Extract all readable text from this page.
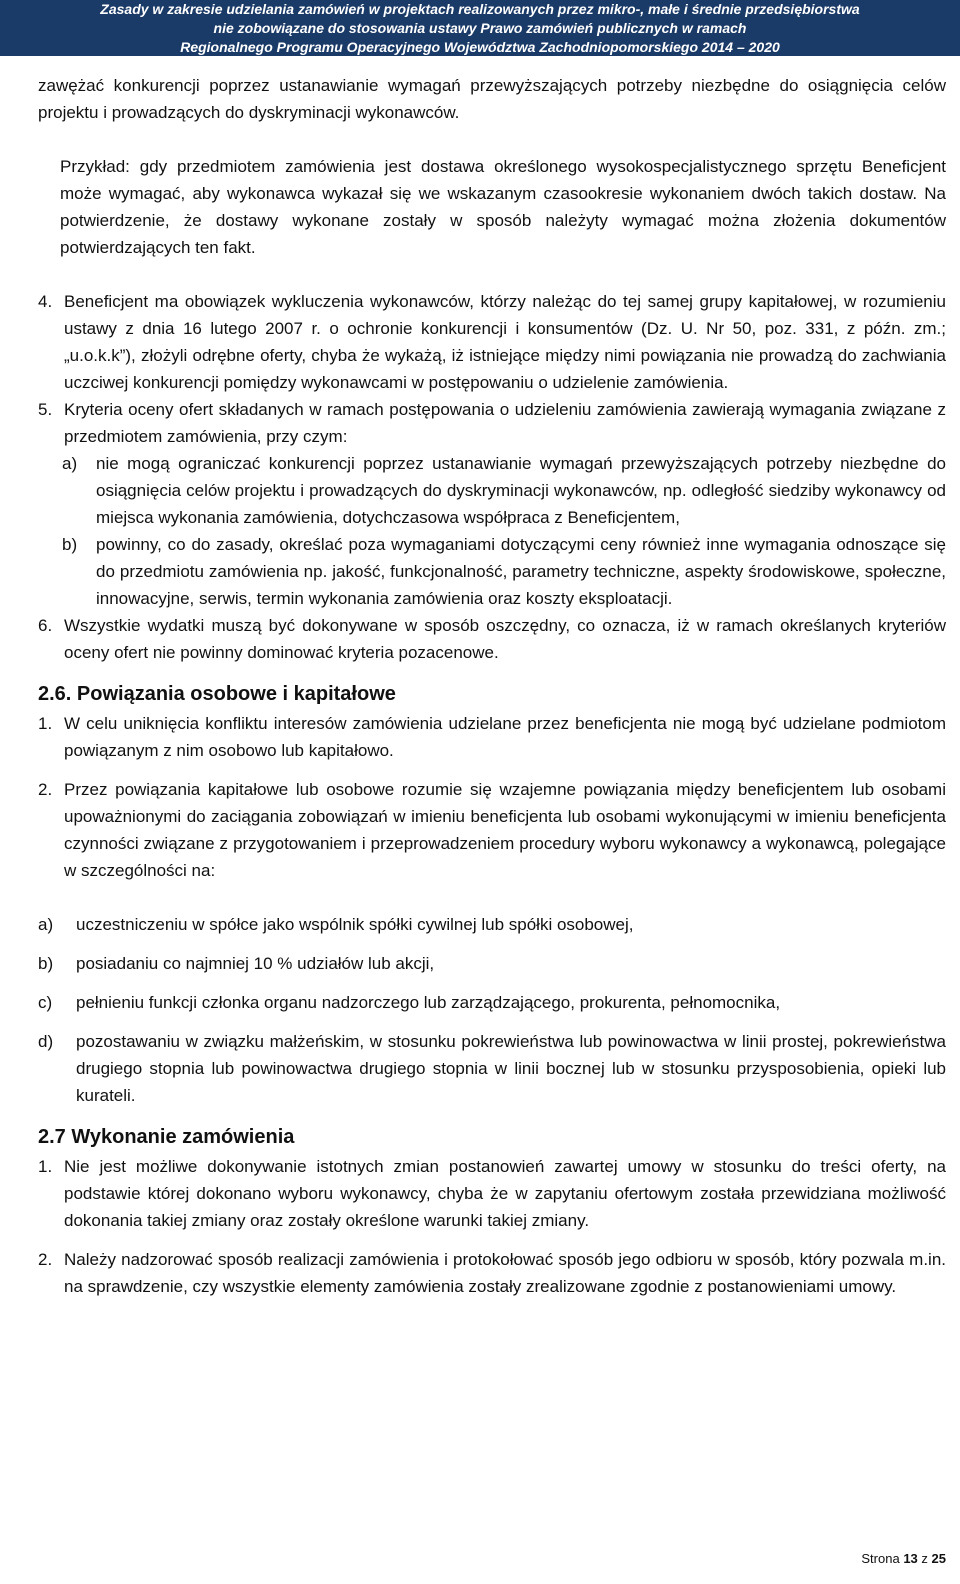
Zasady w zakresie udzielania zamówień w projektach realizowanych przez mikro-, małe i średnie przedsiębiorstwa
nie zobowiązane do stosowania ustawy Prawo zamówień publicznych w ramach
Regionalnego Programu Operacyjnego Województwa Zachodniopomorskiego 2014 – 2020

zawężać konkurencji poprzez ustanawianie wymagań przewyższających potrzeby niezbędne do osiągnięcia celów projektu i prowadzących do dyskryminacji wykonawców.

Przykład: gdy przedmiotem zamówienia jest dostawa określonego wysokospecjalistycznego sprzętu Beneficjent może wymagać, aby wykonawca wykazał się we wskazanym czasookresie wykonaniem dwóch takich dostaw. Na potwierdzenie, że dostawy wykonane zostały w sposób należyty wymagać można złożenia dokumentów potwierdzających ten fakt.

4. Beneficjent ma obowiązek wykluczenia wykonawców, którzy należąc do tej samej grupy kapitałowej, w rozumieniu ustawy z dnia 16 lutego 2007 r. o ochronie konkurencji i konsumentów (Dz. U. Nr 50, poz. 331, z późn. zm.; „u.o.k.k”), złożyli odrębne oferty, chyba że wykażą, iż istniejące między nimi powiązania nie prowadzą do zachwiania uczciwej konkurencji pomiędzy wykonawcami w postępowaniu o udzielenie zamówienia.
5. Kryteria oceny ofert składanych w ramach postępowania o udzieleniu zamówienia zawierają wymagania związane z przedmiotem zamówienia, przy czym:
a) nie mogą ograniczać konkurencji poprzez ustanawianie wymagań przewyższających potrzeby niezbędne do osiągnięcia celów projektu i prowadzących do dyskryminacji wykonawców, np. odległość siedziby wykonawcy od miejsca wykonania zamówienia, dotychczasowa współpraca z Beneficjentem,
b) powinny, co do zasady, określać poza wymaganiami dotyczącymi ceny również inne wymagania odnoszące się do przedmiotu zamówienia np. jakość, funkcjonalność, parametry techniczne, aspekty środowiskowe, społeczne, innowacyjne, serwis, termin wykonania zamówienia oraz koszty eksploatacji.
6. Wszystkie wydatki muszą być dokonywane w sposób oszczędny, co oznacza, iż w ramach określanych kryteriów oceny ofert nie powinny dominować kryteria pozacenowe.

2.6. Powiązania osobowe i kapitałowe

1. W celu uniknięcia konfliktu interesów zamówienia udzielane przez beneficjenta nie mogą być udzielane podmiotom powiązanym z nim osobowo lub kapitałowo.
2. Przez powiązania kapitałowe lub osobowe rozumie się wzajemne powiązania między beneficjentem lub osobami upoważnionymi do zaciągania zobowiązań w imieniu beneficjenta lub osobami wykonującymi w imieniu beneficjenta czynności związane z przygotowaniem i przeprowadzeniem procedury wyboru wykonawcy a wykonawcą, polegające w szczególności na:
a) uczestniczeniu w spółce jako wspólnik spółki cywilnej lub spółki osobowej,
b) posiadaniu co najmniej 10 % udziałów lub akcji,
c) pełnieniu funkcji członka organu nadzorczego lub zarządzającego, prokurenta, pełnomocnika,
d) pozostawaniu w związku małżeńskim, w stosunku pokrewieństwa lub powinowactwa w linii prostej, pokrewieństwa drugiego stopnia lub powinowactwa drugiego stopnia w linii bocznej lub w stosunku przysposobienia, opieki lub kurateli.

2.7 Wykonanie zamówienia

1. Nie jest możliwe dokonywanie istotnych zmian postanowień zawartej umowy w stosunku do treści oferty, na podstawie której dokonano wyboru wykonawcy, chyba że w zapytaniu ofertowym została przewidziana możliwość dokonania takiej zmiany oraz zostały określone warunki takiej zmiany.
2. Należy nadzorować sposób realizacji zamówienia i protokołować sposób jego odbioru w sposób, który pozwala m.in. na sprawdzenie, czy wszystkie elementy zamówienia zostały zrealizowane zgodnie z postanowieniami umowy.
Strona 13 z 25
